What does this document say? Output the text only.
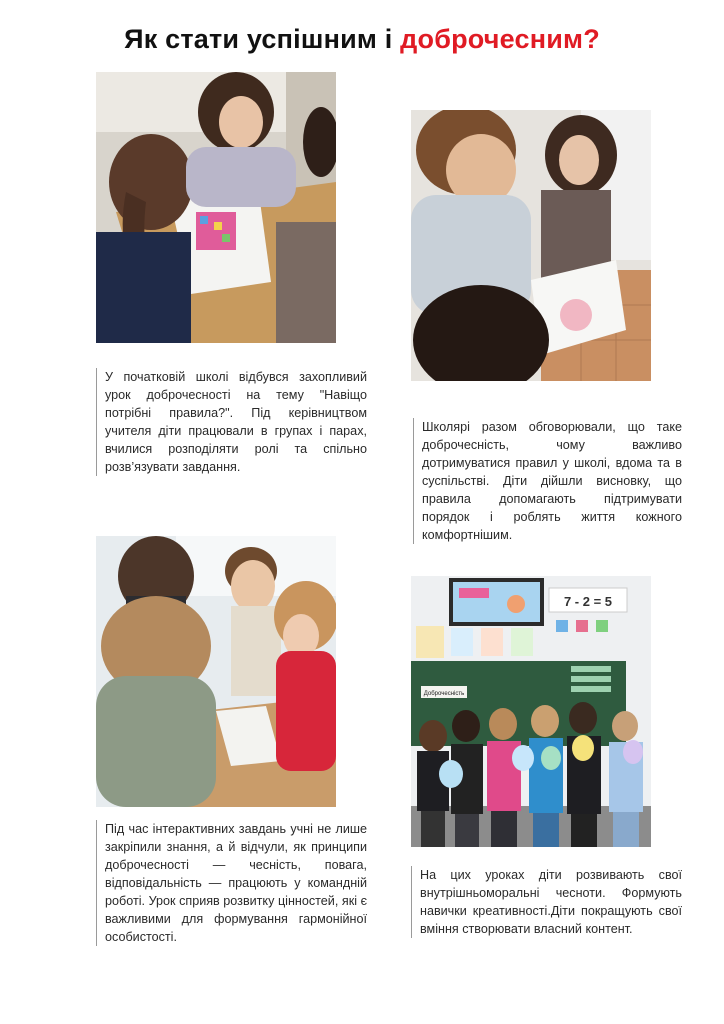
Як стати успішним і доброчесним?

У початковій школі відбувся захопливий урок доброчесності на тему "Навіщо потрібні правила?". Під керівництвом учителя діти працювали в групах і парах, вчилися розподіляти ролі та спільно розв’язувати завдання.

Школярі разом обговорювали, що таке доброчесність, чому важливо дотримуватися правил у школі, вдома та в суспільстві. Діти дійшли висновку, що правила допомагають підтримувати порядок і роблять життя кожного комфортнішим.

Під час інтерактивних завдань учні не лише закріпили знання, а й відчули, як принципи доброчесності — чесність, повага, відповідальність — працюють у командній роботі. Урок сприяв розвитку цінностей, які є важливими для формування гармонійної особистості.

7 - 2 = 5
Доброчесність

На цих уроках діти розвивають свої внутрішньоморальні чесноти. Формують навички креативності.Діти покращують свої вміння створювати власний контент.
